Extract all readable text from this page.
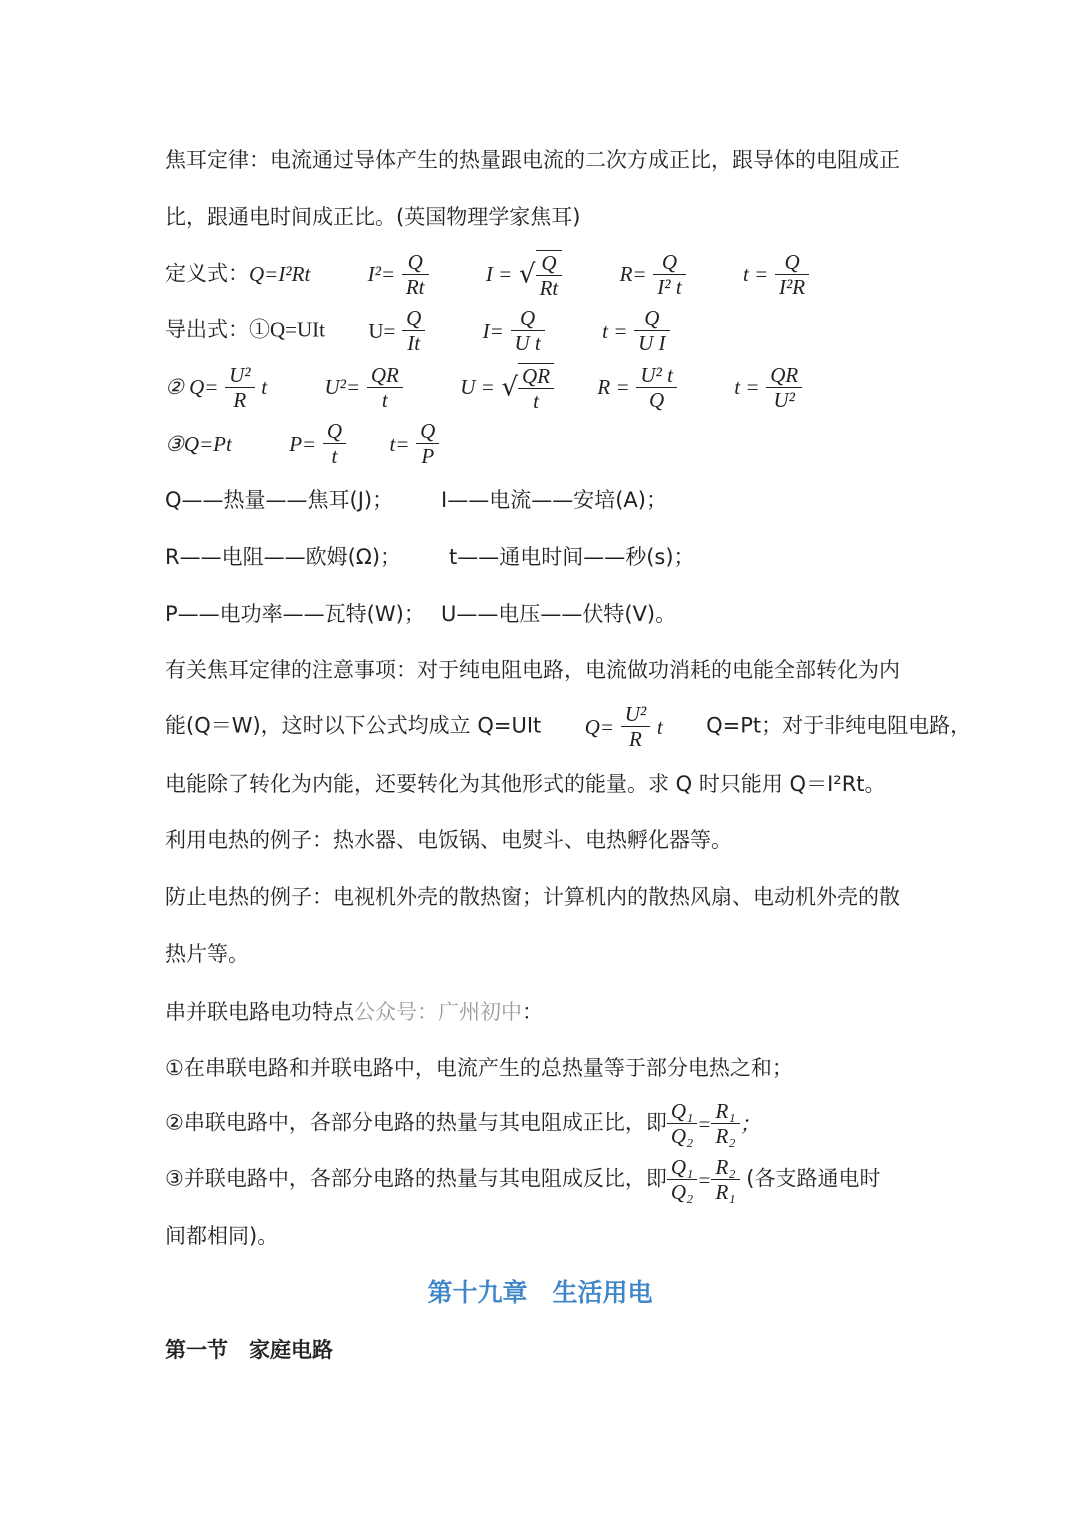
焦耳定律：电流通过导体产生的热量跟电流的二次方成正比，跟导体的电阻成正
比，跟通电时间成正比。(英国物理学家焦耳)
定义式：Q=I²Rt	$I^2= \frac{Q}{Rt}$	I = √ $\frac{Q}{Rt}$	$R= \frac{Q}{\text{I² t}}$	$t = \frac{Q}{\text{I²R}}$
导出式：①Q=UIt $U= \frac{Q}{It}$	$I= \frac{Q}{\text{U t}}$	$t = \frac{Q}{\text{U I}}$
② $Q= \frac{\text{U²}}{R}$ t	$U^2= \frac{QR}{t}$	U = √ $\frac{QR}{t}$ $R = \frac{\text{U² t}}{Q}$	$t = \frac{QR}{\text{U²}}$
③Q=Pt	$P= \frac{Q}{t} t= \frac{Q}{P}$
Q——热量——焦耳(J)； I——电流——安培(A)；
R——电阻——欧姆(Ω)； t——通电时间——秒(s)；
P——电功率——瓦特(W)； U——电压——伏特(V)。
有关焦耳定律的注意事项：对于纯电阻电路，电流做功消耗的电能全部转化为内
能(Q＝W)，这时以下公式均成立 Q=UIt $Q= \frac{\text{U²}}{R}$ t Q=Pt；对于非纯电阻电路，
电能除了转化为内能，还要转化为其他形式的能量。求 Q 时只能用 Q＝I²Rt。
利用电热的例子：热水器、电饭锅、电熨斗、电热孵化器等。
防止电热的例子：电视机外壳的散热窗；计算机内的散热风扇、电动机外壳的散
热片等。
串并联电路电功特点公众号：广州初中：
①在串联电路和并联电路中，电流产生的总热量等于部分电热之和；
②串联电路中，各部分电路的热量与其电阻成正比，即 $\frac{\text{Q₁}}{\text{Q₂}} = \frac{\text{R₁}}{\text{R₂}}$ ；
③并联电路中，各部分电路的热量与其电阻成反比，即 $\frac{\text{Q₁}}{\text{Q₂}} = \frac{\text{R₂}}{\text{R₁}}$ (各支路通电时
间都相同)。
第十九章　生活用电
第一节　家庭电路
